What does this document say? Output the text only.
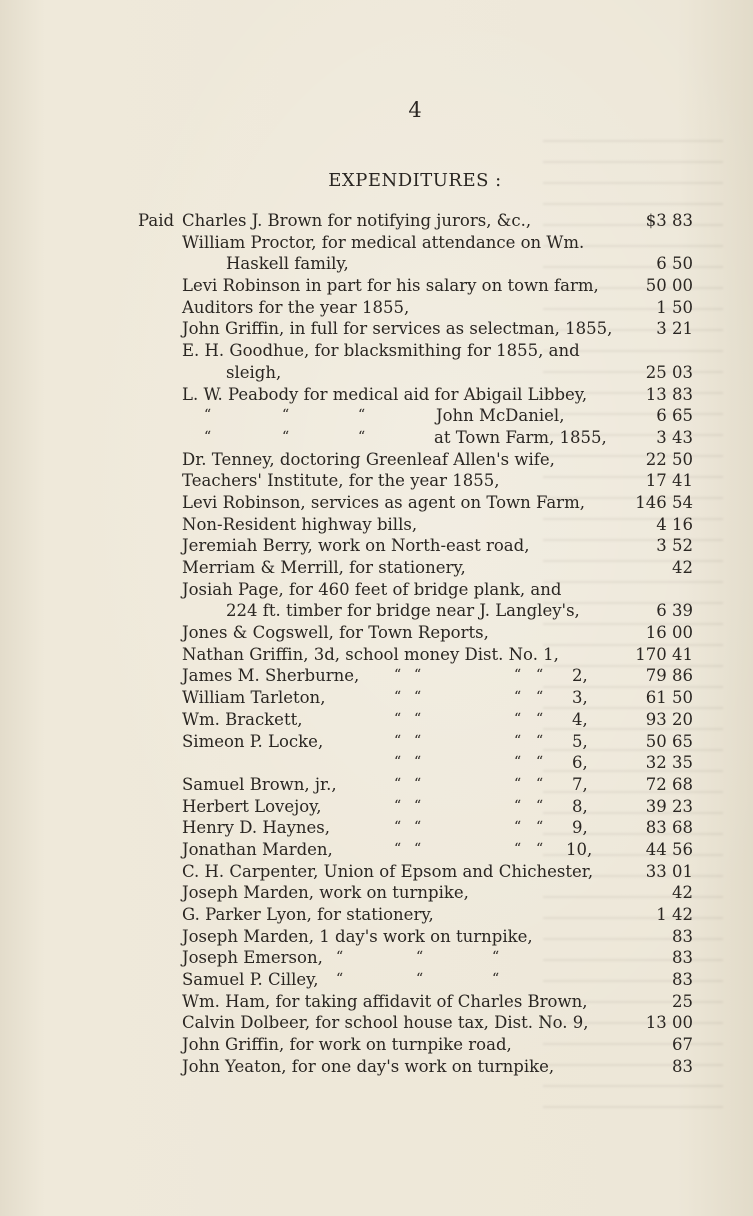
4
EXPENDITURES :
Paid Charles J. Brown for notifying jurors, &c.,	$3 83
William Proctor, for medical attendance on Wm.
Haskell family,	6 50
Levi Robinson in part for his salary on town farm,	50 00
Auditors for the year 1855,	1 50
John Griffin, in full for services as selectman, 1855,	3 21
E. H. Goodhue, for blacksmithing for 1855, and
sleigh,	25 03
L. W. Peabody for medical aid for Abigail Libbey,	13 83
“	“	“	John McDaniel,	6 65
“	“	“	at Town Farm, 1855,	3 43
Dr. Tenney, doctoring Greenleaf Allen's wife,	22 50
Teachers' Institute, for the year 1855,	17 41
Levi Robinson, services as agent on Town Farm,	146 54
Non-Resident highway bills,	4 16
Jeremiah Berry, work on North-east road,	3 52
Merriam & Merrill, for stationery,	42
Josiah Page, for 460 feet of bridge plank, and
224 ft. timber for bridge near J. Langley's,	6 39
Jones & Cogswell, for Town Reports,	16 00
Nathan Griffin, 3d, school money Dist. No. 1,	170 41
James M. Sherburne, “ “	“ “ 2,	79 86
William Tarleton,	“ “	“ “ 3,	61 50
Wm. Brackett,	“ “	“ “ 4,	93 20
Simeon P. Locke,	“ “	“ “ 5,	50 65
“ “	“ “ 6,	32 35
Samuel Brown, jr.,	“ “	“ “ 7,	72 68
Herbert Lovejoy,	“ “	“ “ 8,	39 23
Henry D. Haynes,	“ “	“ “ 9,	83 68
Jonathan Marden,	“ “	“ “ 10,	44 56
C. H. Carpenter, Union of Epsom and Chichester,	33 01
Joseph Marden, work on turnpike,	42
G. Parker Lyon, for stationery,	1 42
Joseph Marden, 1 day's work on turnpike,	83
Joseph Emerson, “	“	“	83
Samuel P. Cilley, “	“	“	83
Wm. Ham, for taking affidavit of Charles Brown,	25
Calvin Dolbeer, for school house tax, Dist. No. 9,	13 00
John Griffin, for work on turnpike road,	67
John Yeaton, for one day's work on turnpike,	83
